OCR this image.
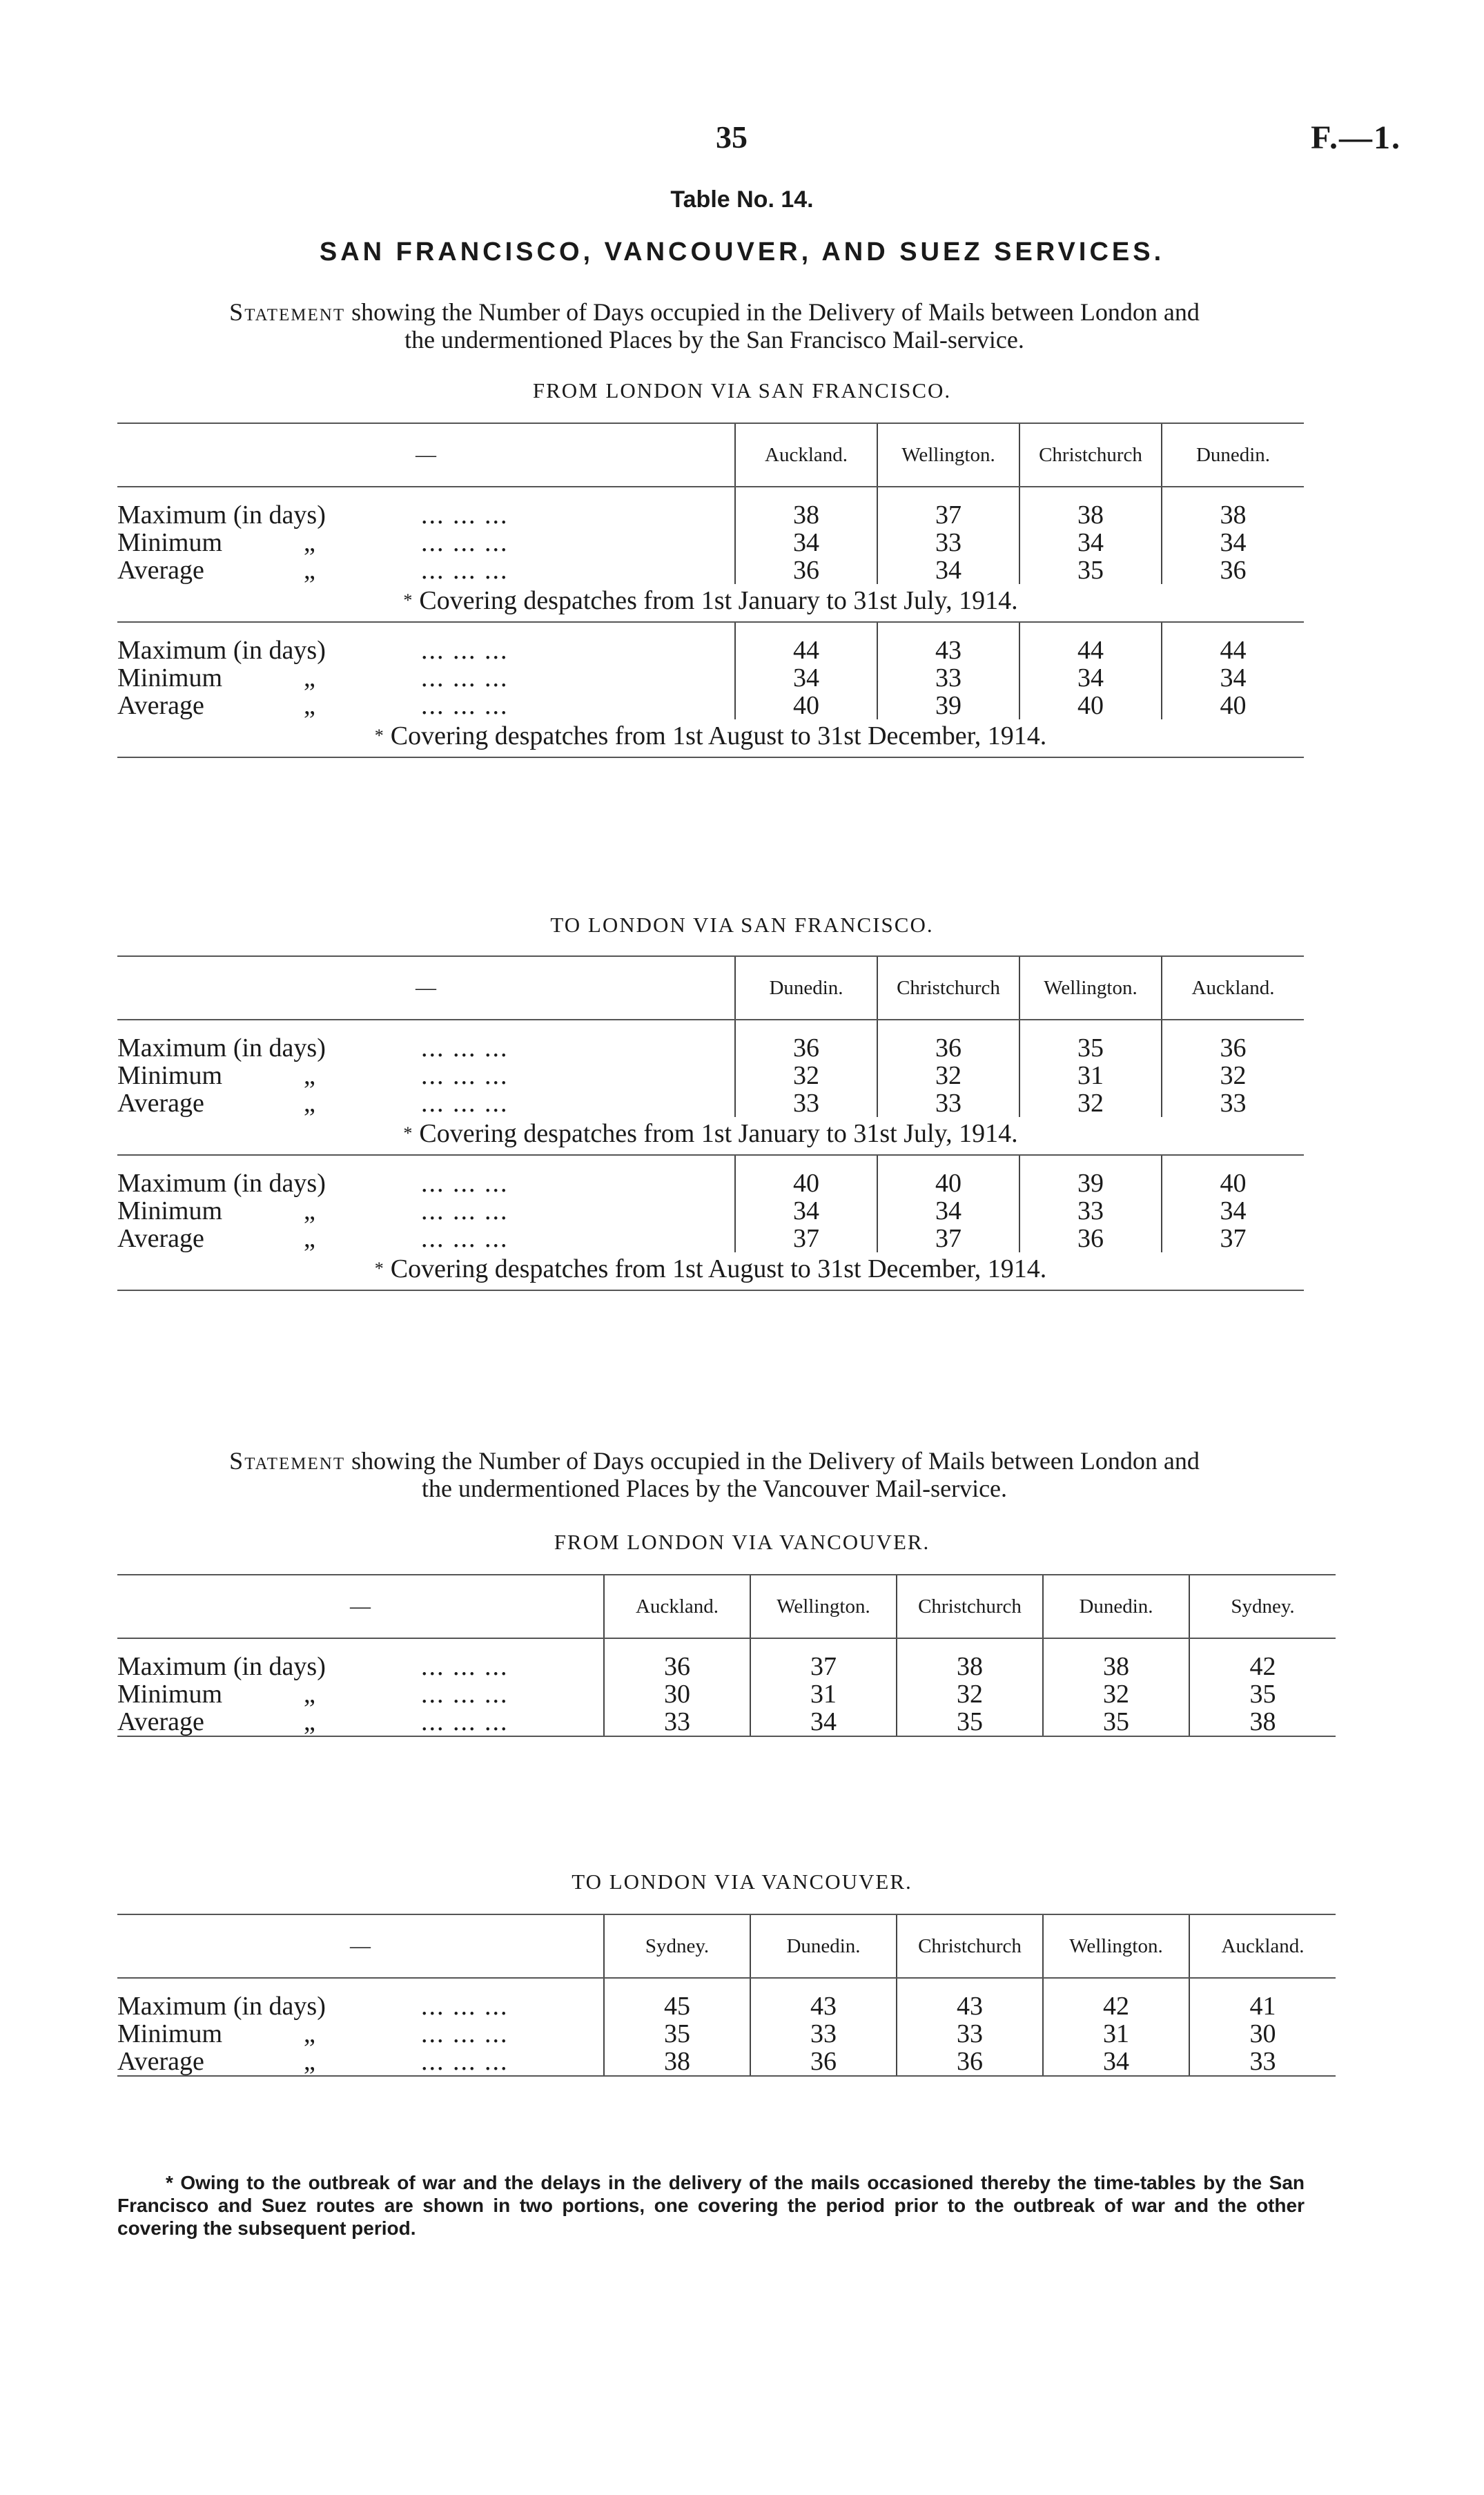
35	F.—1.
Table No. 14.
SAN FRANCISCO, VANCOUVER, AND SUEZ SERVICES.
Statement showing the Number of Days occupied in the Delivery of Mails between London and
the undermentioned Places by the San Francisco Mail-service.
FROM LONDON VIA SAN FRANCISCO.
—	Auckland.	Wellington.	Christchurch	Dunedin.

Maximum (in days) ... ... ...	38	37	38	38
Minimum „ ... ... ...	34	33	34	34
Average „ ... ... ...	36	34	35	36
* Covering despatches from 1st January to 31st July, 1914.				

Maximum (in days) ... ... ...	44	43	44	44
Minimum „ ... ... ...	34	33	34	34
Average „ ... ... ...	40	39	40	40
* Covering despatches from 1st August to 31st December, 1914.				
TO LONDON VIA SAN FRANCISCO.
—	Dunedin.	Christchurch	Wellington.	Auckland.

Maximum (in days) ... ... ...	36	36	35	36
Minimum „ ... ... ...	32	32	31	32
Average „ ... ... ...	33	33	32	33
* Covering despatches from 1st January to 31st July, 1914.				

Maximum (in days) ... ... ...	40	40	39	40
Minimum „ ... ... ...	34	34	33	34
Average „ ... ... ...	37	37	36	37
* Covering despatches from 1st August to 31st December, 1914.				
Statement showing the Number of Days occupied in the Delivery of Mails between London and
the undermentioned Places by the Vancouver Mail-service.
FROM LONDON VIA VANCOUVER.
—	Auckland.	Wellington.	Christchurch	Dunedin.	Sydney.

Maximum (in days) ... ... ...	36	37	38	38	42
Minimum „ ... ... ...	30	31	32	32	35
Average „ ... ... ...	33	34	35	35	38
TO LONDON VIA VANCOUVER.
—	Sydney.	Dunedin.	Christchurch	Wellington.	Auckland.

Maximum (in days) ... ... ...	45	43	43	42	41
Minimum „ ... ... ...	35	33	33	31	30
Average „ ... ... ...	38	36	36	34	33
* Owing to the outbreak of war and the delays in the delivery of the mails occasioned thereby the time-tables by the San Francisco and Suez routes are shown in two portions, one covering the period prior to the outbreak of war and the other covering the subsequent period.
